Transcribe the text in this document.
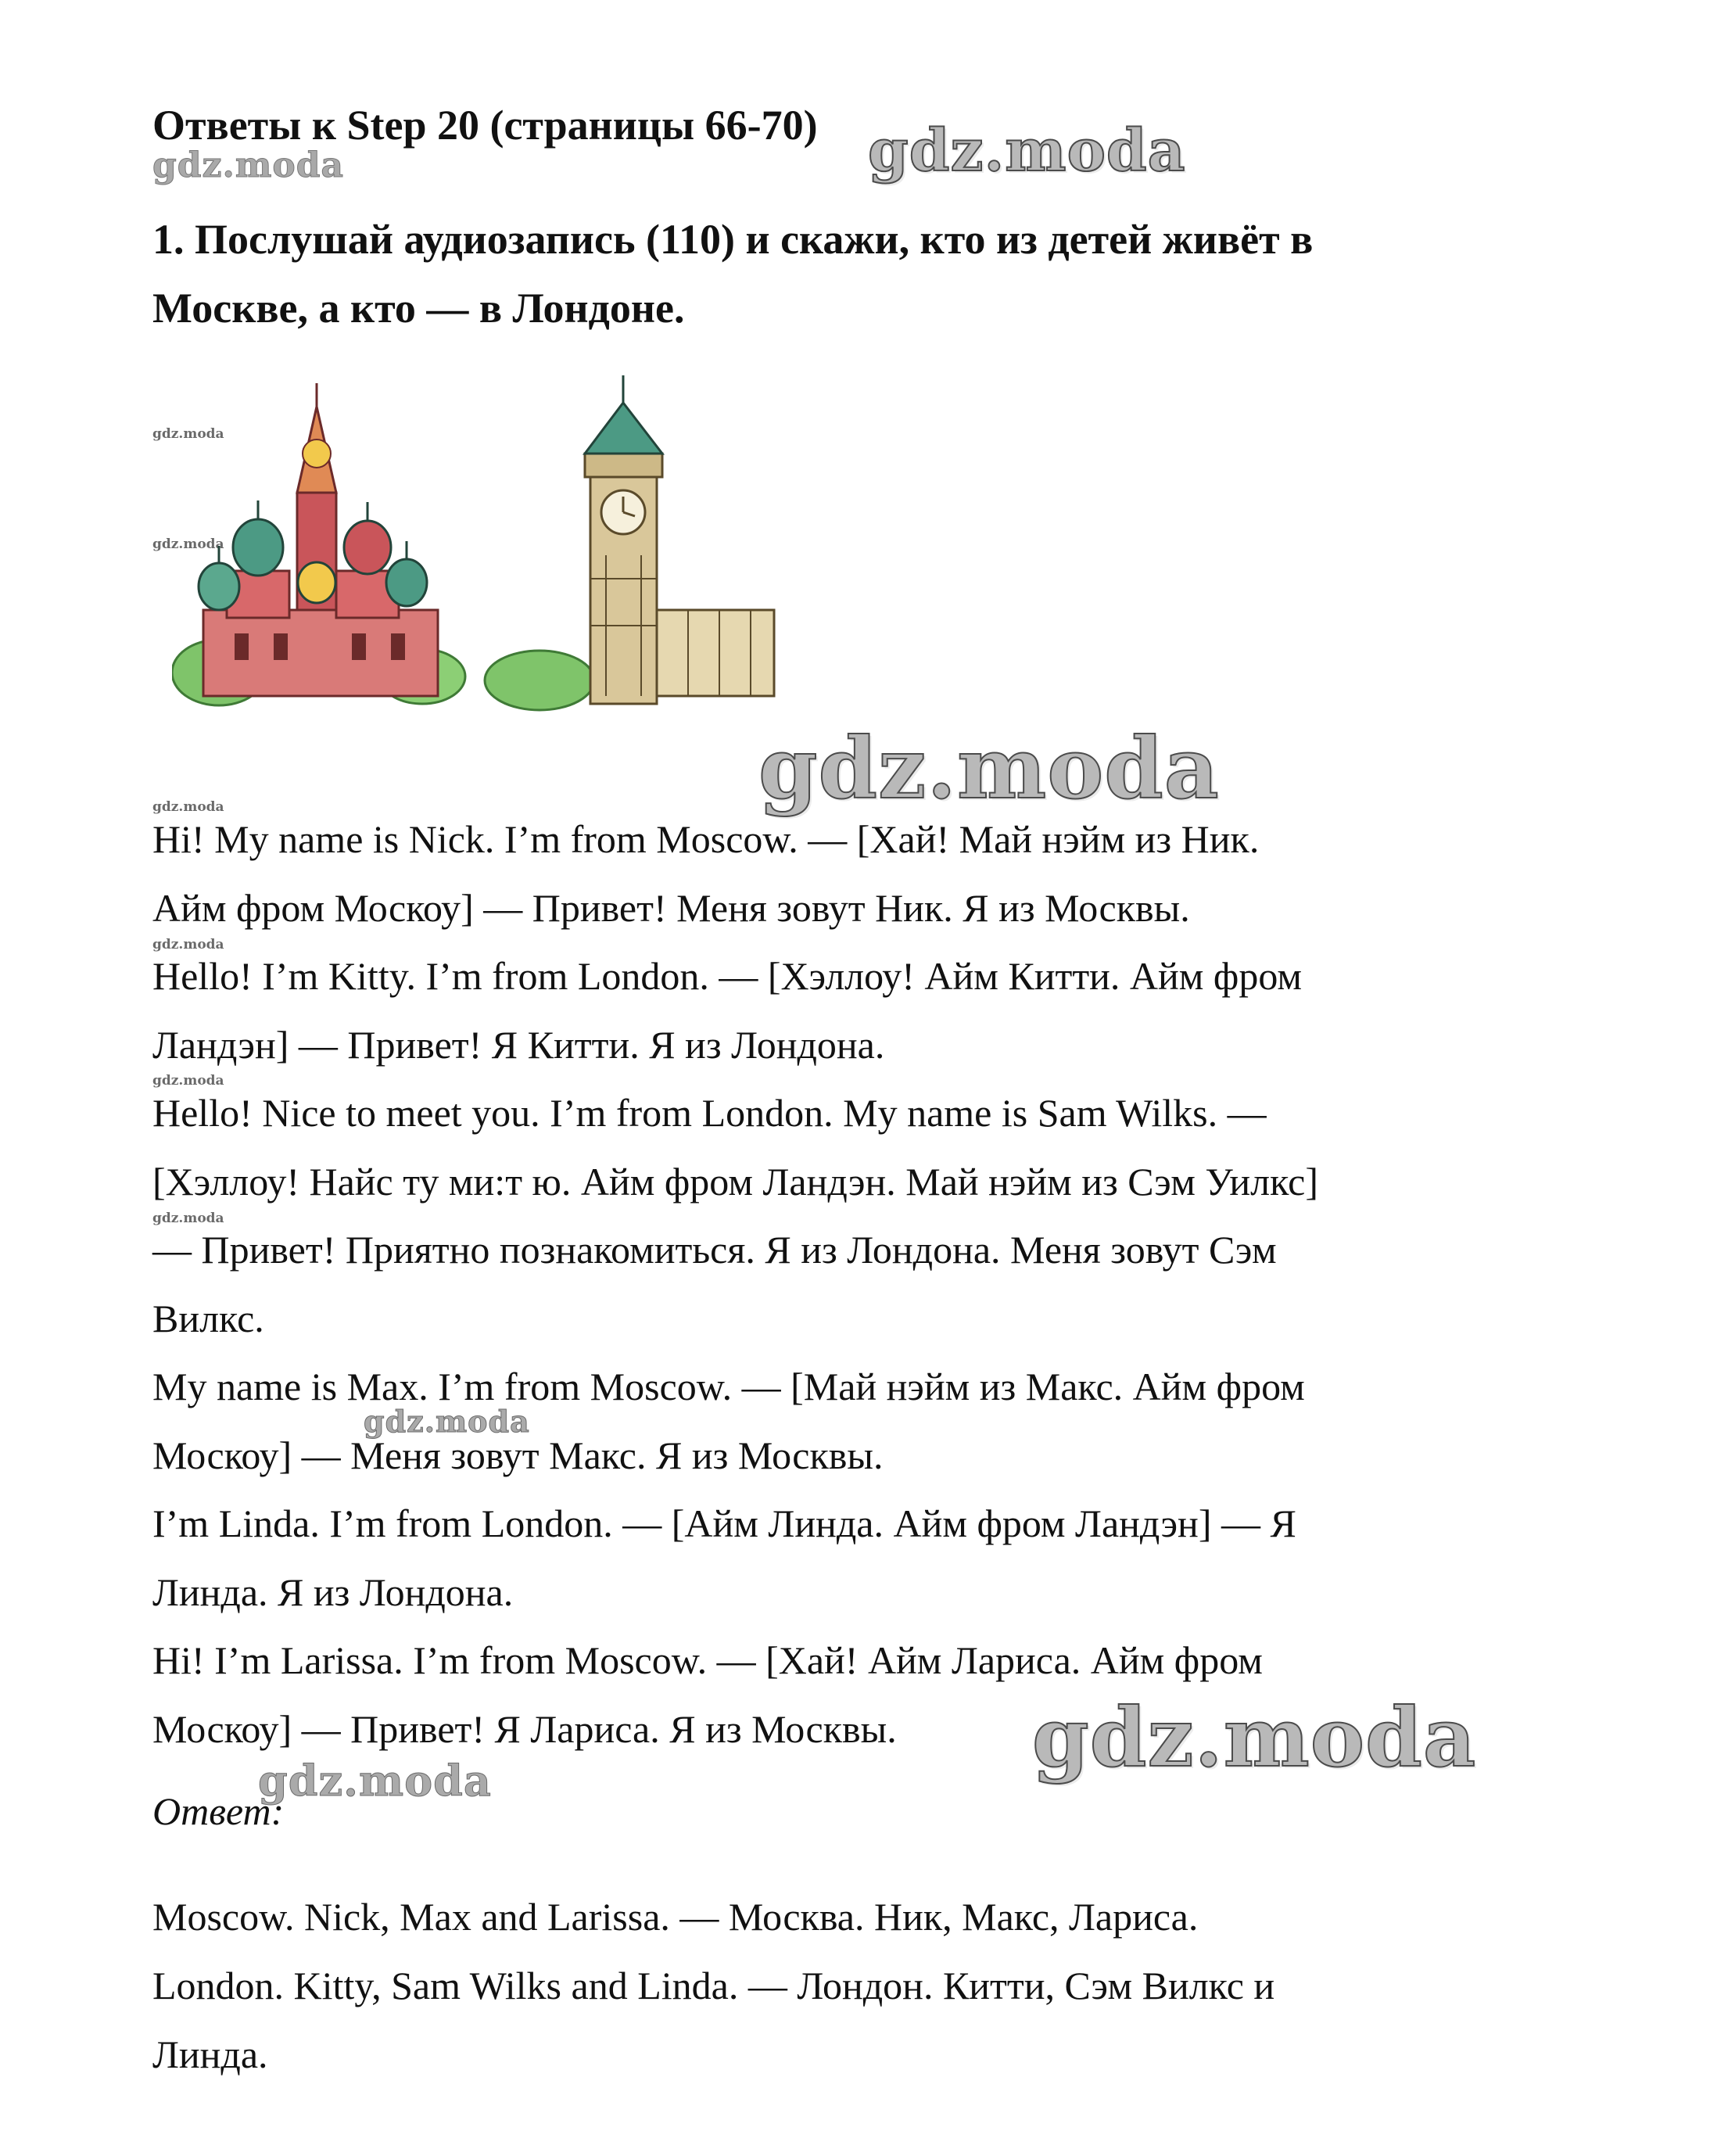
Ответы к Step 20 (страницы 66-70)
gdz.moda	gdz.moda
1. Послушай аудиозапись (110) и скажи, кто из детей живёт в
Москве, а кто — в Лондоне.
gdz.moda
gdz.moda
gdz.moda
gdz.moda
gdz.moda
gdz.moda
gdz.moda
Hi! My name is Nick. I’m from Moscow. — [Хай! Май нэйм из Ник.
Айм фром Москоу] — Привет! Меня зовут Ник. Я из Москвы.
Hello! I’m Kitty. I’m from London. — [Хэллоу! Айм Китти. Айм фром
Ландэн] — Привет! Я Китти. Я из Лондона.
Hello! Nice to meet you. I’m from London. My name is Sam Wilks. —
[Хэллоу! Найс ту ми:т ю. Айм фром Ландэн. Май нэйм из Сэм Уилкс]
— Привет! Приятно познакомиться. Я из Лондона. Меня зовут Сэм
Вилкс.
My name is Max. I’m from Moscow. — [Май нэйм из Макс. Айм фром
Москоу] — Меня зовут Макс. Я из Москвы.
I’m Linda. I’m from London. — [Айм Линда. Айм фром Ландэн] — Я
Линда. Я из Лондона.
Hi! I’m Larissa. I’m from Moscow. — [Хай! Айм Лариса. Айм фром
Москоу] — Привет! Я Лариса. Я из Москвы.
gdz.moda
gdz.moda
gdz.moda
Ответ:
Moscow. Nick, Max and Larissa. — Москва. Ник, Макс, Лариса.
London. Kitty, Sam Wilks and Linda. — Лондон. Китти, Сэм Вилкс и
Линда.
